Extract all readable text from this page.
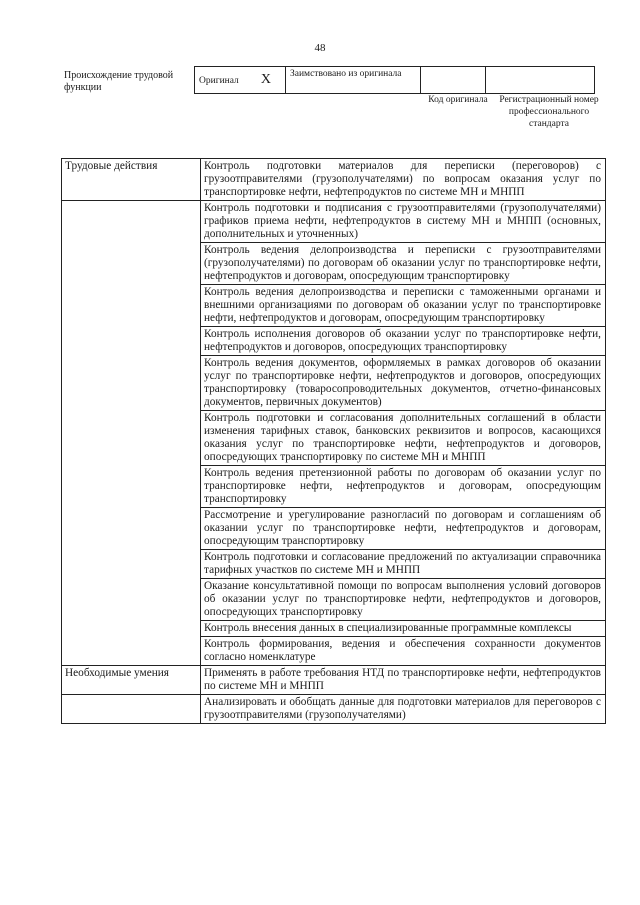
48
Происхождение трудовой функции
Оригинал X	Заимствовано из оригинала		
Код оригинала	Регистрационный номер профессионального стандарта
Трудовые действия	Контроль подготовки материалов для переписки (переговоров) с грузоотправителями (грузополучателями) по вопросам оказания услуг по транспортировке нефти, нефтепродуктов по системе МН и МНПП
	Контроль подготовки и подписания с грузоотправителями (грузополучателями) графиков приема нефти, нефтепродуктов в систему МН и МНПП (основных, дополнительных и уточненных)
	Контроль ведения делопроизводства и переписки с грузоотправителями (грузополучателями) по договорам об оказании услуг по транспортировке нефти, нефтепродуктов и договорам, опосредующим транспортировку
	Контроль ведения делопроизводства и переписки с таможенными органами и внешними организациями по договорам об оказании услуг по транспортировке нефти, нефтепродуктов и договорам, опосредующим транспортировку
	Контроль исполнения договоров об оказании услуг по транспортировке нефти, нефтепродуктов и договоров, опосредующих транспортировку
	Контроль ведения документов, оформляемых в рамках договоров об оказании услуг по транспортировке нефти, нефтепродуктов и договоров, опосредующих транспортировку (товаросопроводительных документов, отчетно-финансовых документов, первичных документов)
	Контроль подготовки и согласования дополнительных соглашений в области изменения тарифных ставок, банковских реквизитов и вопросов, касающихся оказания услуг по транспортировке нефти, нефтепродуктов и договоров, опосредующих транспортировку по системе МН и МНПП
	Контроль ведения претензионной работы по договорам об оказании услуг по транспортировке нефти, нефтепродуктов и договорам, опосредующим транспортировку
	Рассмотрение и урегулирование разногласий по договорам и соглашениям об оказании услуг по транспортировке нефти, нефтепродуктов и договорам, опосредующим транспортировку
	Контроль подготовки и согласование предложений по актуализации справочника тарифных участков по системе МН и МНПП
	Оказание консультативной помощи по вопросам выполнения условий договоров об оказании услуг по транспортировке нефти, нефтепродуктов и договоров, опосредующих транспортировку
	Контроль внесения данных в специализированные программные комплексы
	Контроль формирования, ведения и обеспечения сохранности документов согласно номенклатуре
Необходимые умения	Применять в работе требования НТД по транспортировке нефти, нефтепродуктов по системе МН и МНПП
	Анализировать и обобщать данные для подготовки материалов для переговоров с грузоотправителями (грузополучателями)
